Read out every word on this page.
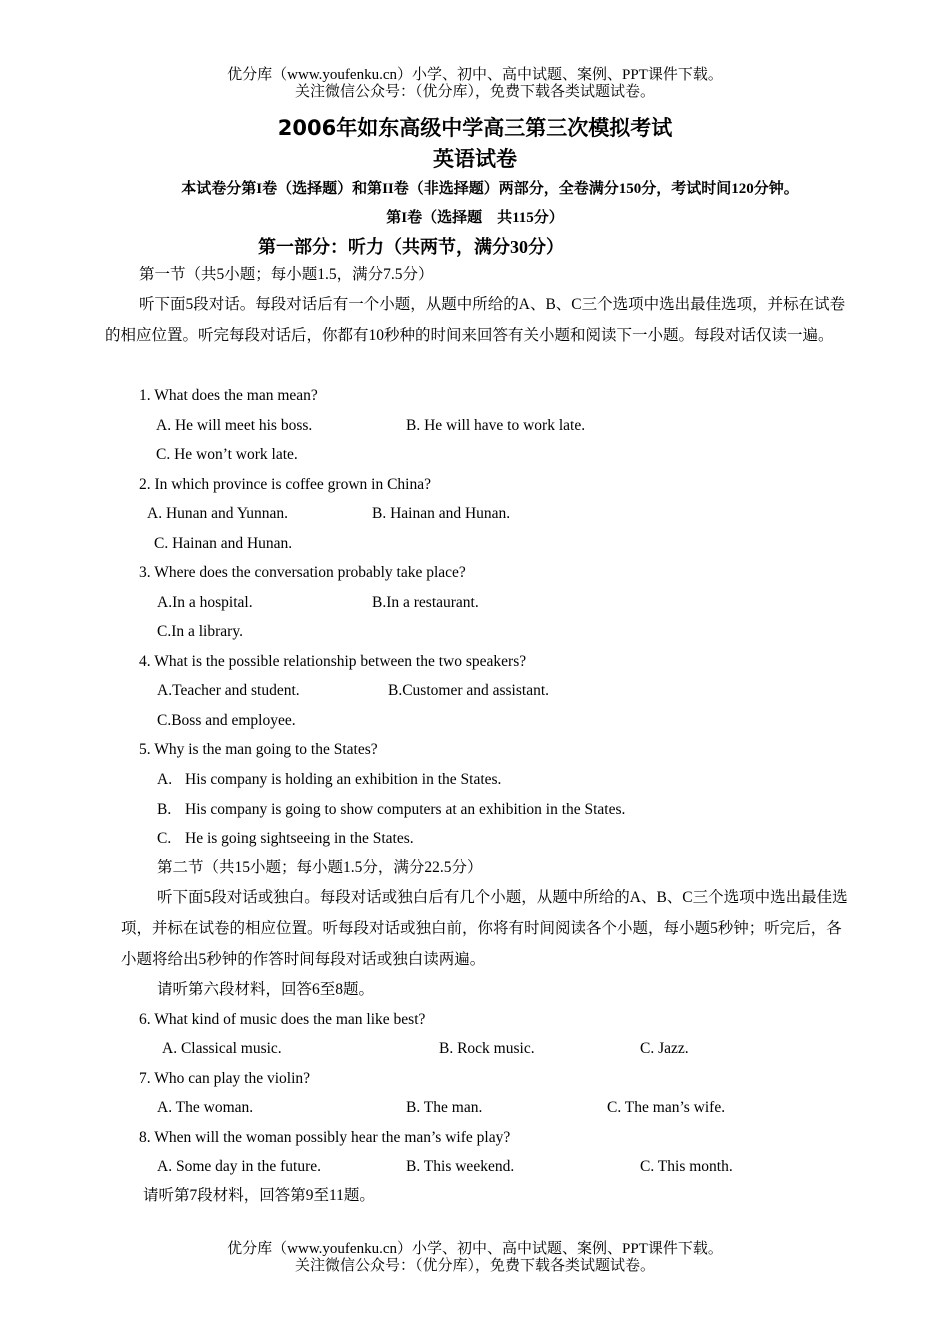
优分库（www.youfenku.cn）小学、初中、高中试题、案例、PPT课件下载。
关注微信公众号：（优分库），免费下载各类试题试卷。
2006年如东高级中学高三第三次模拟考试
英语试卷
本试卷分第I卷（选择题）和第II卷（非选择题）两部分，全卷满分150分，考试时间120分钟。
第I卷（选择题　共115分）
第一部分：听力（共两节，满分30分）
第一节（共5小题；每小题1.5，满分7.5分）
听下面5段对话。每段对话后有一个小题，从题中所给的A、B、C三个选项中选出最佳选项，并标在试卷的相应位置。听完每段对话后，你都有10秒种的时间来回答有关小题和阅读下一小题。每段对话仅读一遍。
1. What does the man mean?
A. He will meet his boss.	B. He will have to work late.
C. He won’t work late.
2. In which province is coffee grown in China?
A. Hunan and Yunnan.	B. Hainan and Hunan.
C. Hainan and Hunan.
3. Where does the conversation probably take place?
A.In a hospital.	B.In a restaurant.
C.In a library.
4. What is the possible relationship between the two speakers?
A.Teacher and student.	B.Customer and assistant.
C.Boss and employee.
5. Why is the man going to the States?
A. His company is holding an exhibition in the States.
B. His company is going to show computers at an exhibition in the States.
C. He is going sightseeing in the States.
第二节（共15小题；每小题1.5分，满分22.5分）
听下面5段对话或独白。每段对话或独白后有几个小题，从题中所给的A、B、C三个选项中选出最佳选项，并标在试卷的相应位置。听每段对话或独白前，你将有时间阅读各个小题，每小题5秒钟；听完后，各小题将给出5秒钟的作答时间每段对话或独白读两遍。
请听第六段材料，回答6至8题。
6. What kind of music does the man like best?
A. Classical music.	B. Rock music.	C. Jazz.
7. Who can play the violin?
A. The woman.	B. The man.	C. The man’s wife.
8. When will the woman possibly hear the man’s wife play?
A. Some day in the future.	B. This weekend.	C. This month.
请听第7段材料，回答第9至11题。
优分库（www.youfenku.cn）小学、初中、高中试题、案例、PPT课件下载。
关注微信公众号：（优分库），免费下载各类试题试卷。
